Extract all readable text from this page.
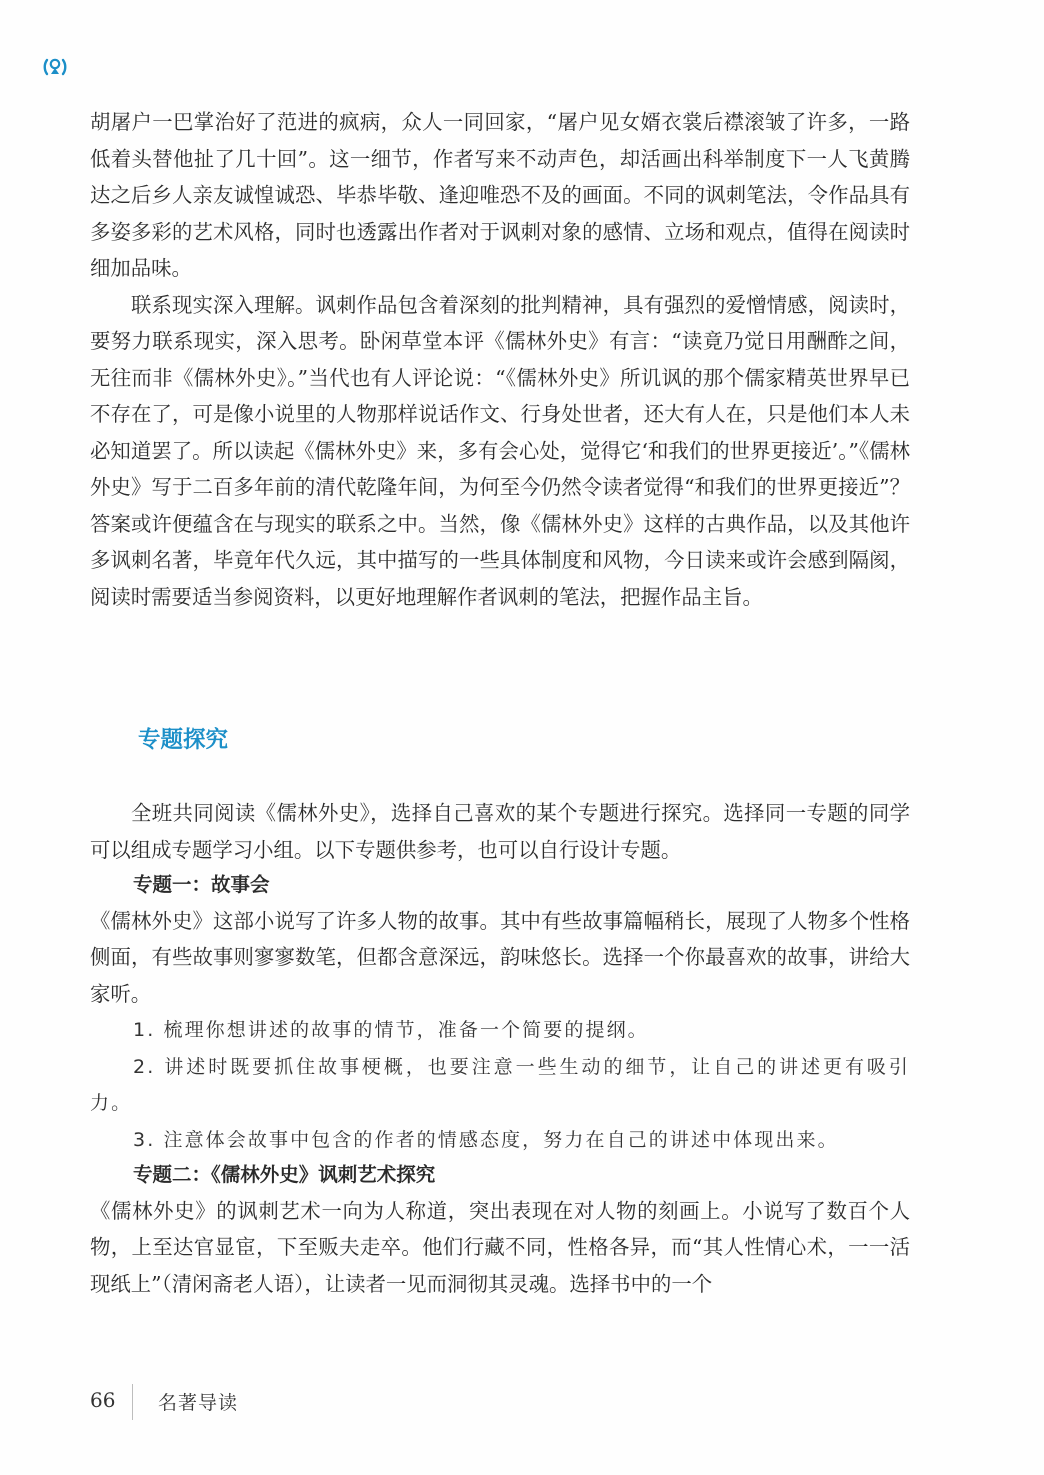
胡屠户一巴掌治好了范进的疯病，众人一同回家，“屠户见女婿衣裳后襟滚皱了许多，一路低着头替他扯了几十回”。这一细节，作者写来不动声色，却活画出科举制度下一人飞黄腾达之后乡人亲友诚惶诚恐、毕恭毕敬、逢迎唯恐不及的画面。不同的讽刺笔法，令作品具有多姿多彩的艺术风格，同时也透露出作者对于讽刺对象的感情、立场和观点，值得在阅读时细加品味。

联系现实深入理解。讽刺作品包含着深刻的批判精神，具有强烈的爱憎情感，阅读时，要努力联系现实，深入思考。卧闲草堂本评《儒林外史》有言：“读竟乃觉日用酬酢之间，无往而非《儒林外史》。”当代也有人评论说：“《儒林外史》所讥讽的那个儒家精英世界早已不存在了，可是像小说里的人物那样说话作文、行身处世者，还大有人在，只是他们本人未必知道罢了。所以读起《儒林外史》来，多有会心处，觉得它‘和我们的世界更接近’。”《儒林外史》写于二百多年前的清代乾隆年间，为何至今仍然令读者觉得“和我们的世界更接近”？答案或许便蕴含在与现实的联系之中。当然，像《儒林外史》这样的古典作品，以及其他许多讽刺名著，毕竟年代久远，其中描写的一些具体制度和风物，今日读来或许会感到隔阂，阅读时需要适当参阅资料，以更好地理解作者讽刺的笔法，把握作品主旨。

专题探究

全班共同阅读《儒林外史》，选择自己喜欢的某个专题进行探究。选择同一专题的同学可以组成专题学习小组。以下专题供参考，也可以自行设计专题。

专题一：故事会

《儒林外史》这部小说写了许多人物的故事。其中有些故事篇幅稍长，展现了人物多个性格侧面，有些故事则寥寥数笔，但都含意深远，韵味悠长。选择一个你最喜欢的故事，讲给大家听。

1. 梳理你想讲述的故事的情节，准备一个简要的提纲。

2. 讲述时既要抓住故事梗概，也要注意一些生动的细节，让自己的讲述更有吸引力。

3. 注意体会故事中包含的作者的情感态度，努力在自己的讲述中体现出来。

专题二：《儒林外史》讽刺艺术探究

《儒林外史》的讽刺艺术一向为人称道，突出表现在对人物的刻画上。小说写了数百个人物，上至达官显宦，下至贩夫走卒。他们行藏不同，性格各异，而“其人性情心术，一一活现纸上”（清闲斋老人语），让读者一见而洞彻其灵魂。选择书中的一个

66 名著导读
